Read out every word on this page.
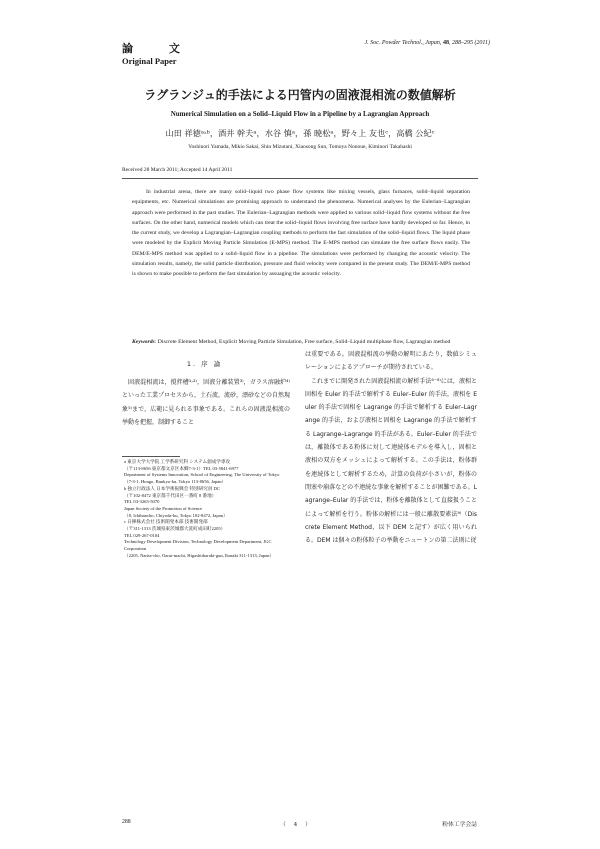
論 文
Original Paper
J. Soc. Powder Technol., Japan, 48, 288–295 (2011)
ラグランジュ的手法による円管内の固液混相流の数値解析
Numerical Simulation on a Solid–Liquid Flow in a Pipeline by a Lagrangian Approach
山田 祥徳ᵃ˒ᵇ，酒井 幹夫ᵃ，水谷 慎ᵃ，孫 暁松ᵃ，野々上 友也ᶜ，高橋 公紀ᶜ
Yoshinori Yamada, Mikio Sakai, Shin Mizutani, Xiaosong Sun, Tomoya Nonoue, Kiminori Takahashi
Received 28 March 2011; Accepted 14 April 2011
In industrial arena, there are many solid–liquid two phase flow systems like mixing vessels, glass furnaces, solid–liquid separation equipments, etc. Numerical simulations are promising approach to understand the phenomena. Numerical analyses by the Eulerian–Lagrangian approach were performed in the past studies. The Eulerian–Lagrangian methods were applied to various solid–liquid flow systems without the free surfaces. On the other hand, numerical models which can treat the solid–liquid flows involving free surface have hardly developed so far. Hence, in the current study, we develop a Lagrangian–Lagrangian coupling methods to perform the fast simulation of the solid–liquid flows. The liquid phase were modeled by the Explicit Moving Particle Simulation (E-MPS) method. The E-MPS method can simulate the free surface flows easily. The DEM/E-MPS method was applied to a solid–liquid flow in a pipeline. The simulations were performed by changing the acoustic velocity. The simulation results, namely, the solid particle distribution, pressure and fluid velocity were compared in the present study. The DEM/E-MPS method is shown to make possible to perform the fast simulation by assuaging the acoustic velocity.
Keywords: Discrete Element Method, Explicit Moving Particle Simulation, Free surface, Solid–Liquid multiphase flow, Lagrangian method
1. 序 論
固液混相流は，撹拌槽¹˒²⁾，固液分離装置³⁾，ガラス溶融炉⁴⁾といった工業プロセスから，土石流，流砂，漂砂などの自然現象⁵⁾まで，広範に見られる事象である。これらの固液混相流の挙動を把握，制御すること
a 東京大学大学院 工学系研究科 システム創成学専攻
（〒113-8656 東京都文京区本郷7-3-1）TEL 03-5841-6977
Department of Systems Innovation, School of Engineering, The University of Tokyo
（7-3-1, Hongo, Bunkyo-ku, Tokyo 113-8656, Japan）
b 独立行政法人 日本学術振興会 特別研究員 DC
（〒102-8472 東京都千代田区一番町 8 番地）
TEL 03-3263-5070
Japan Society of the Promotion of Science
（8, Ichibancho, Chiyoda-ku, Tokyo 102-8472, Japan）
c 日揮株式会社 技術開発本部 技術開発部
（〒311-1313 茨城県東茨城郡大洗町成田町2205）
TEL 029-267-0104
Technology Development Division, Technology Development Department, JGC Corporation
（2205, Narita-cho, Oarai-machi, Higashiibaraki-gun, Ibaraki 311-1313, Japan）

は重要である。固液混相流の挙動の解明にあたり，数値シミュレーションによるアプローチが期待されている。

これまでに開発された固液混相流の解析手法⁶⁻⁸⁾には，液相と固相を Euler 的手法で解析する Euler–Euler 的手法，液相を Euler 的手法で固相を Lagrange 的手法で解析する Euler–Lagrange 的手法，および液相と固相を Lagrange 的手法で解析する Lagrange–Lagrange 的手法がある。Euler–Euler 的手法では，離散体である粉体に対して連続体モデルを導入し，固相と液相の双方をメッシュによって解析する。この手法は，粉体群を連続体として解析するため，計算の負荷が小さいが，粉体の閉塞や崩落などの不連続な事象を解析することが困難である。Lagrange–Eular 的手法では，粉体を離散体として直接扱うことによって解析を行う。粉体の解析には一般に離散要素法⁹⁾（Discrete Element Method，以下 DEM と記す）が広く用いられる。DEM は個々の粉体粒子の挙動をニュートンの第二法則に従

288	（ 4 ）	粉体工学会誌
